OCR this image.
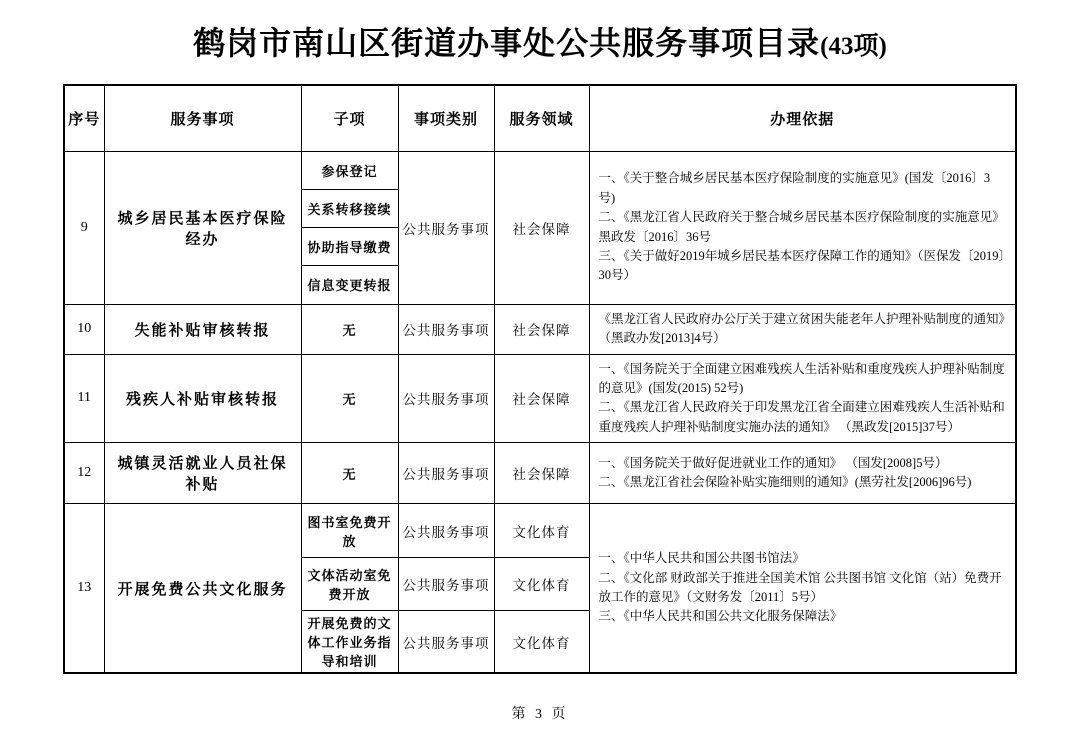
鹤岗市南山区街道办事处公共服务事项目录(43项)
序号	服务事项	子项	事项类别	服务领域	办理依据
9	城乡居民基本医疗保险经办	参保登记	公共服务事项	社会保障	一、《关于整合城乡居民基本医疗保险制度的实施意见》(国发〔2016〕3号)
二、《黑龙江省人民政府关于整合城乡居民基本医疗保险制度的实施意见》黑政发〔2016〕36号
三、《关于做好2019年城乡居民基本医疗保障工作的通知》（医保发〔2019〕30号）

		关系转移接续			
		协助指导缴费			
		信息变更转报			
10	失能补贴审核转报	无	公共服务事项	社会保障	《黑龙江省人民政府办公厅关于建立贫困失能老年人护理补贴制度的通知》（黑政办发[2013]4号）

11	残疾人补贴审核转报	无	公共服务事项	社会保障	一、《国务院关于全面建立困难残疾人生活补贴和重度残疾人护理补贴制度的意见》(国发(2015) 52号)
二、《黑龙江省人民政府关于印发黑龙江省全面建立困难残疾人生活补贴和重度残疾人护理补贴制度实施办法的通知》 （黑政发[2015]37号）

12	城镇灵活就业人员社保补贴	无	公共服务事项	社会保障	一、《国务院关于做好促进就业工作的通知》 （国发[2008]5号）
二、《黑龙江省社会保险补贴实施细则的通知》(黑劳社发[2006]96号)

13	开展免费公共文化服务	图书室免费开放	公共服务事项	文化体育	一、《中华人民共和国公共图书馆法》
二、《文化部 财政部关于推进全国美术馆 公共图书馆 文化馆（站）免费开放工作的意见》（文财务发〔2011〕5号）
三、《中华人民共和国公共文化服务保障法》

		文体活动室免费开放	公共服务事项	文化体育	
		开展免费的文体工作业务指导和培训	公共服务事项	文化体育	
第 3 页
